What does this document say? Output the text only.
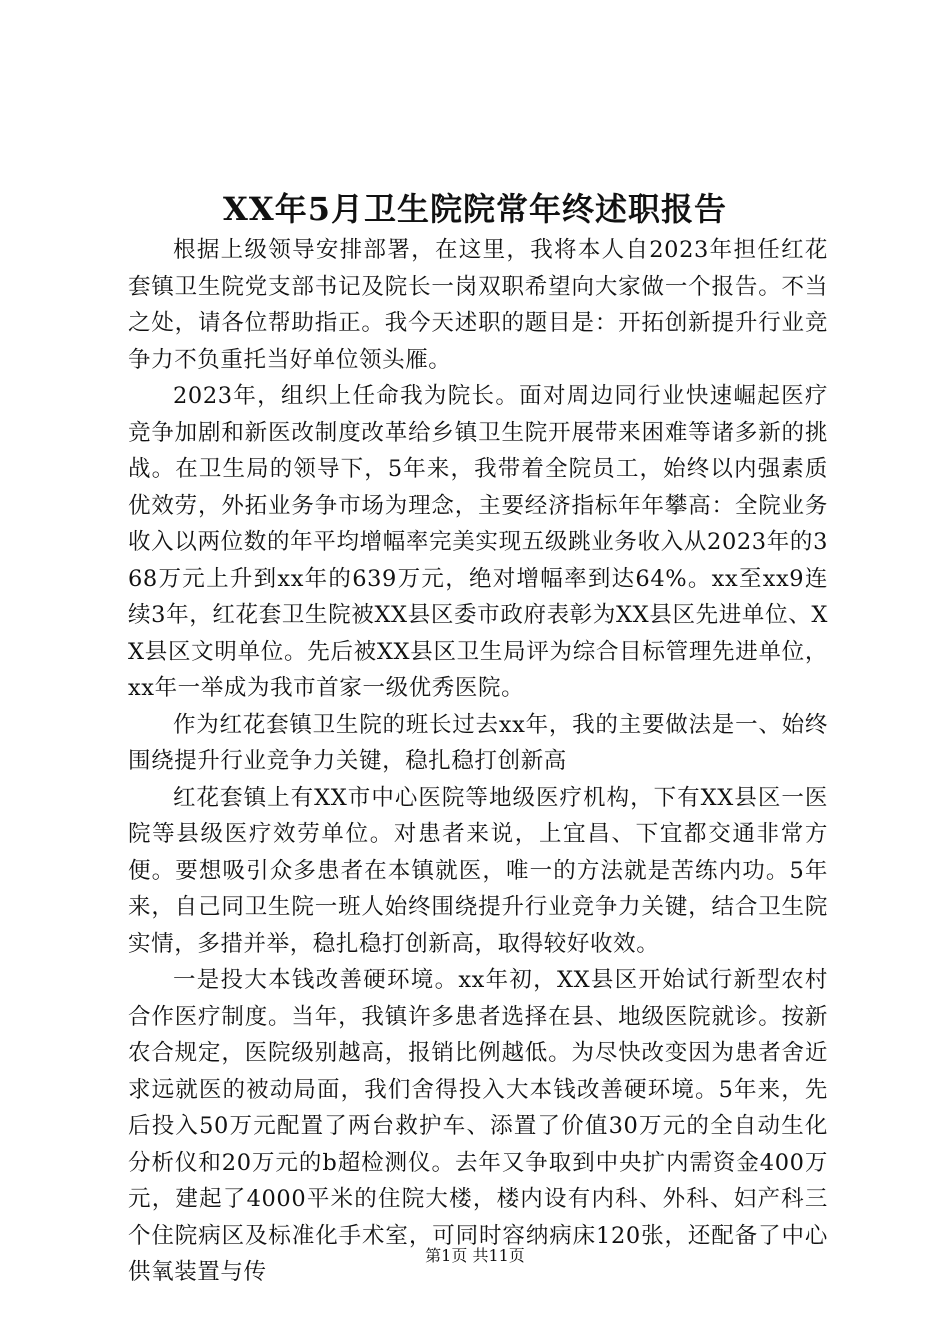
XX年5月卫生院院常年终述职报告

根据上级领导安排部署，在这里，我将本人自2023年担任红花套镇卫生院党支部书记及院长一岗双职希望向大家做一个报告。不当之处，请各位帮助指正。我今天述职的题目是：开拓创新提升行业竞争力不负重托当好单位领头雁。

2023年，组织上任命我为院长。面对周边同行业快速崛起医疗竞争加剧和新医改制度改革给乡镇卫生院开展带来困难等诸多新的挑战。在卫生局的领导下，5年来，我带着全院员工，始终以内强素质优效劳，外拓业务争市场为理念，主要经济指标年年攀高：全院业务收入以两位数的年平均增幅率完美实现五级跳业务收入从2023年的368万元上升到xx年的639万元，绝对增幅率到达64%。xx至xx9连续3年，红花套卫生院被XX县区委市政府表彰为XX县区先进单位、XX县区文明单位。先后被XX县区卫生局评为综合目标管理先进单位，xx年一举成为我市首家一级优秀医院。

作为红花套镇卫生院的班长过去xx年，我的主要做法是一、始终围绕提升行业竞争力关键，稳扎稳打创新高

红花套镇上有XX市中心医院等地级医疗机构，下有XX县区一医院等县级医疗效劳单位。对患者来说，上宜昌、下宜都交通非常方便。要想吸引众多患者在本镇就医，唯一的方法就是苦练内功。5年来，自己同卫生院一班人始终围绕提升行业竞争力关键，结合卫生院实情，多措并举，稳扎稳打创新高，取得较好收效。

一是投大本钱改善硬环境。xx年初，XX县区开始试行新型农村合作医疗制度。当年，我镇许多患者选择在县、地级医院就诊。按新农合规定，医院级别越高，报销比例越低。为尽快改变因为患者舍近求远就医的被动局面，我们舍得投入大本钱改善硬环境。5年来，先后投入50万元配置了两台救护车、添置了价值30万元的全自动生化分析仪和20万元的b超检测仪。去年又争取到中央扩内需资金400万元，建起了4000平米的住院大楼，楼内设有内科、外科、妇产科三个住院病区及标准化手术室，可同时容纳病床120张，还配备了中心供氧装置与传

第1页 共11页
